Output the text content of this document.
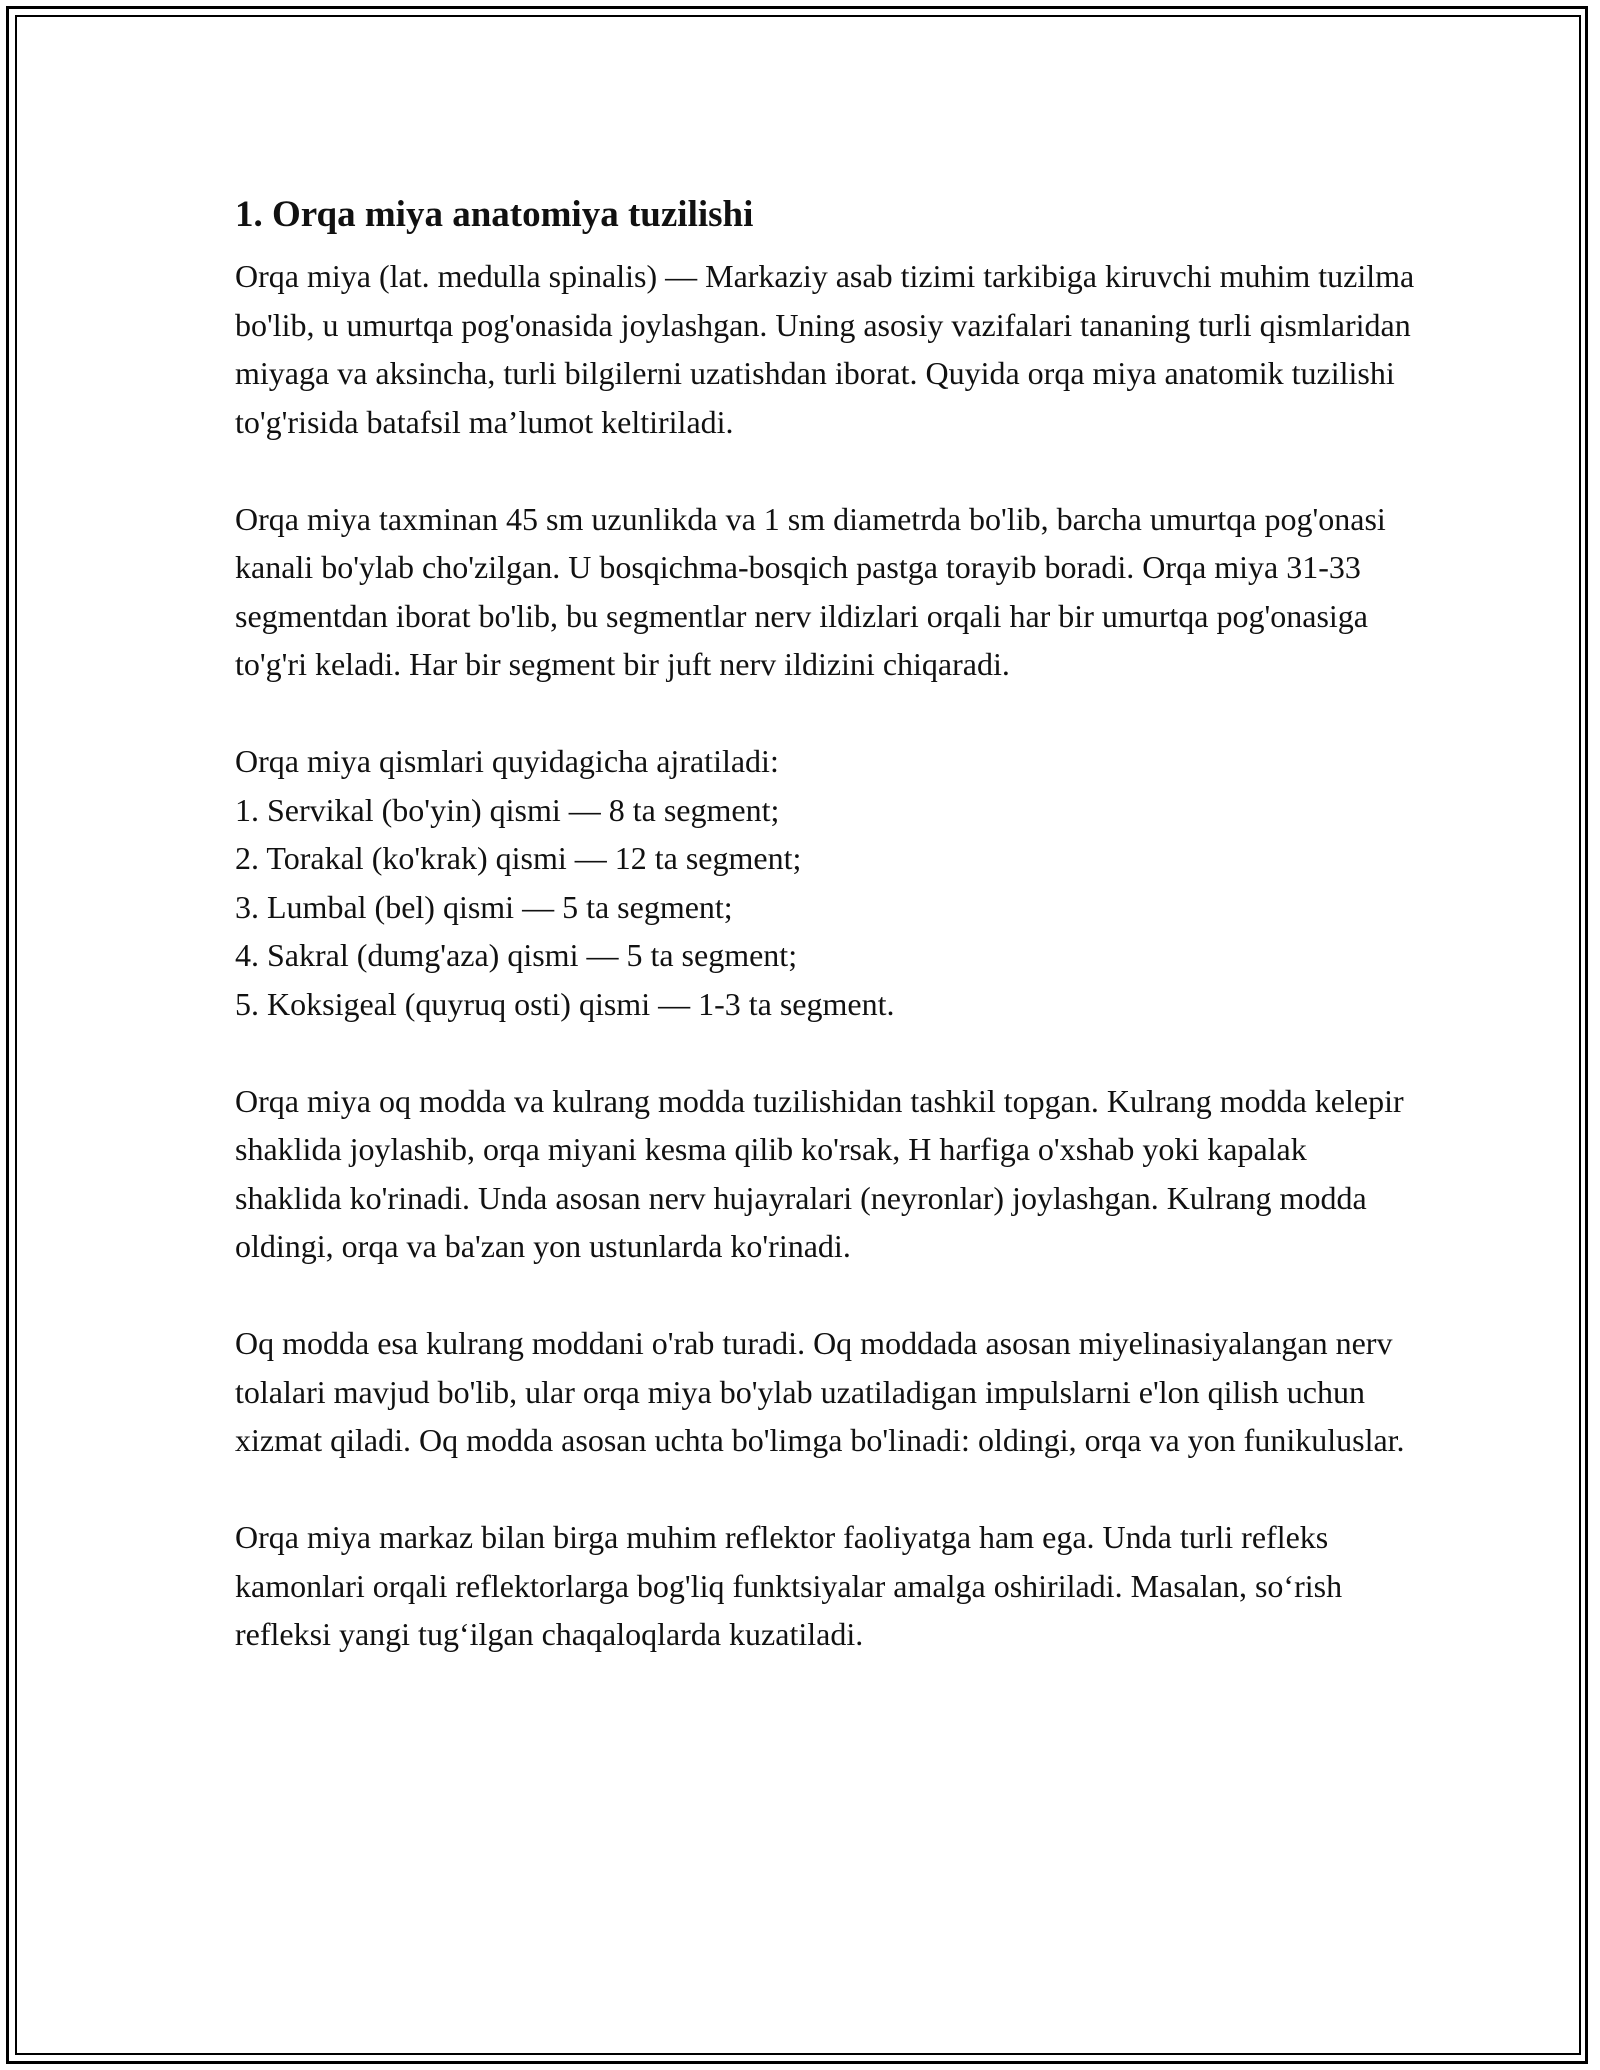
1. Orqa miya anatomiya tuzilishi

Orqa miya (lat. medulla spinalis) — Markaziy asab tizimi tarkibiga kiruvchi muhim tuzilma bo'lib, u umurtqa pog'onasida joylashgan. Uning asosiy vazifalari tananing turli qismlaridan miyaga va aksincha, turli bilgilerni uzatishdan iborat. Quyida orqa miya anatomik tuzilishi to'g'risida batafsil ma’lumot keltiriladi.

Orqa miya taxminan 45 sm uzunlikda va 1 sm diametrda bo'lib, barcha umurtqa pog'onasi kanali bo'ylab cho'zilgan. U bosqichma-bosqich pastga torayib boradi. Orqa miya 31-33 segmentdan iborat bo'lib, bu segmentlar nerv ildizlari orqali har bir umurtqa pog'onasiga to'g'ri keladi. Har bir segment bir juft nerv ildizini chiqaradi.

Orqa miya qismlari quyidagicha ajratiladi:

1. Servikal (bo'yin) qismi — 8 ta segment;
2. Torakal (ko'krak) qismi — 12 ta segment;
3. Lumbal (bel) qismi — 5 ta segment;
4. Sakral (dumg'aza) qismi — 5 ta segment;
5. Koksigeal (quyruq osti) qismi — 1-3 ta segment.

Orqa miya oq modda va kulrang modda tuzilishidan tashkil topgan. Kulrang modda kelepir shaklida joylashib, orqa miyani kesma qilib ko'rsak, H harfiga o'xshab yoki kapalak shaklida ko'rinadi. Unda asosan nerv hujayralari (neyronlar) joylashgan. Kulrang modda oldingi, orqa va ba'zan yon ustunlarda ko'rinadi.

Oq modda esa kulrang moddani o'rab turadi. Oq moddada asosan miyelinasiyalangan nerv tolalari mavjud bo'lib, ular orqa miya bo'ylab uzatiladigan impulslarni e'lon qilish uchun xizmat qiladi. Oq modda asosan uchta bo'limga bo'linadi: oldingi, orqa va yon funikuluslar.

Orqa miya markaz bilan birga muhim reflektor faoliyatga ham ega. Unda turli refleks kamonlari orqali reflektorlarga bog'liq funktsiyalar amalga oshiriladi. Masalan, so‘rish refleksi yangi tug‘ilgan chaqaloqlarda kuzatiladi.
